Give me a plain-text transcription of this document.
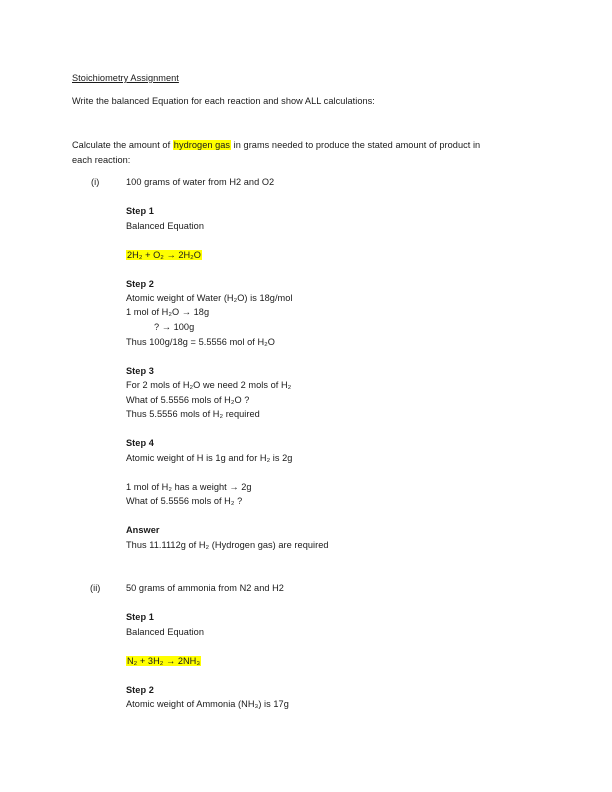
Stoichiometry Assignment
Write the balanced Equation for each reaction and show ALL calculations:
Calculate the amount of hydrogen gas in grams needed to produce the stated amount of product in
each reaction:
(i)	100 grams of water from H2 and O2
Step 1
Balanced Equation
2H₂ + O₂ → 2H₂O
Step 2
Atomic weight of Water (H₂O) is 18g/mol
1 mol of H₂O → 18g
? → 100g
Thus 100g/18g = 5.5556 mol of H₂O
Step 3
For 2 mols of H₂O we need 2 mols of H₂
What of 5.5556 mols of H₂O ?
Thus 5.5556 mols of H₂ required
Step 4
Atomic weight of H is 1g and for H₂ is 2g
1 mol of H₂ has a weight → 2g
What of 5.5556 mols of H₂ ?
Answer
Thus 11.1112g of H₂ (Hydrogen gas) are required
(ii)	50 grams of ammonia from N2 and H2
Step 1
Balanced Equation
N₂ + 3H₂ → 2NH₃
Step 2
Atomic weight of Ammonia (NH₃) is 17g
